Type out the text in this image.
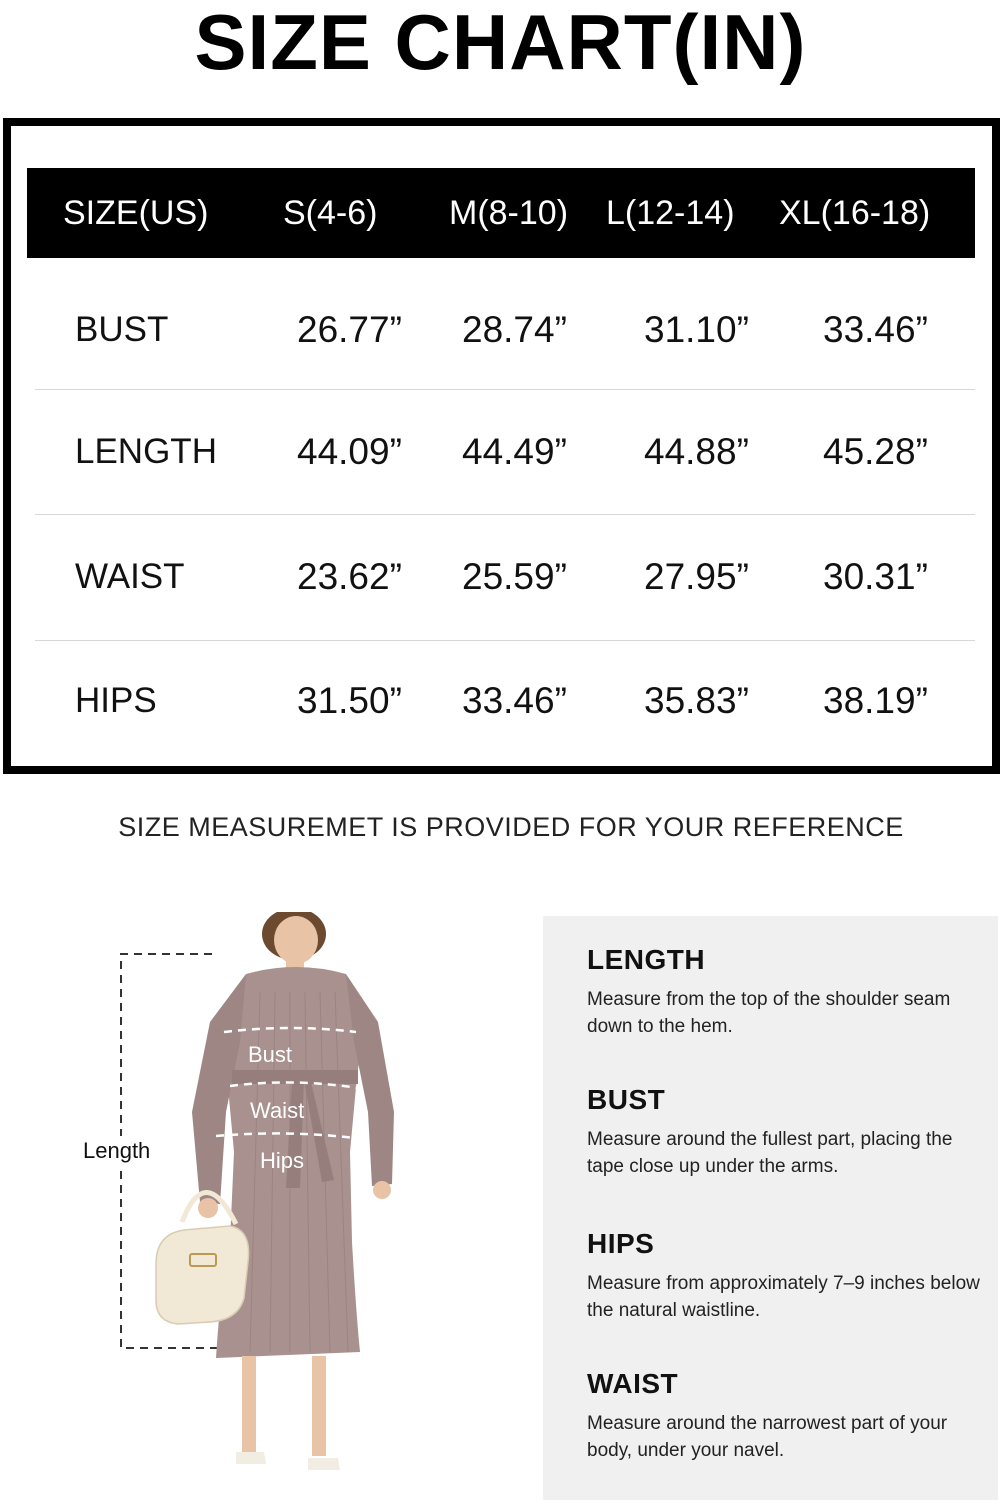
SIZE CHART(IN)
SIZE(US) S(4-6) M(8-10) L(12-14) XL(16-18)
BUST	26.77” 28.74” 31.10” 33.46”
LENGTH 44.09” 44.49” 44.88” 45.28”
WAIST	23.62” 25.59” 27.95” 30.31”
HIPS	31.50” 33.46” 35.83” 38.19”
SIZE MEASUREMET IS PROVIDED FOR YOUR REFERENCE
Length
Bust
Waist
Hips
LENGTH

Measure from the top of the shoulder seam down to the hem.

BUST

Measure around the fullest part, placing the tape close up under the arms.

HIPS

Measure from approximately 7–9 inches below the natural waistline.

WAIST

Measure around the narrowest part of your body, under your navel.
